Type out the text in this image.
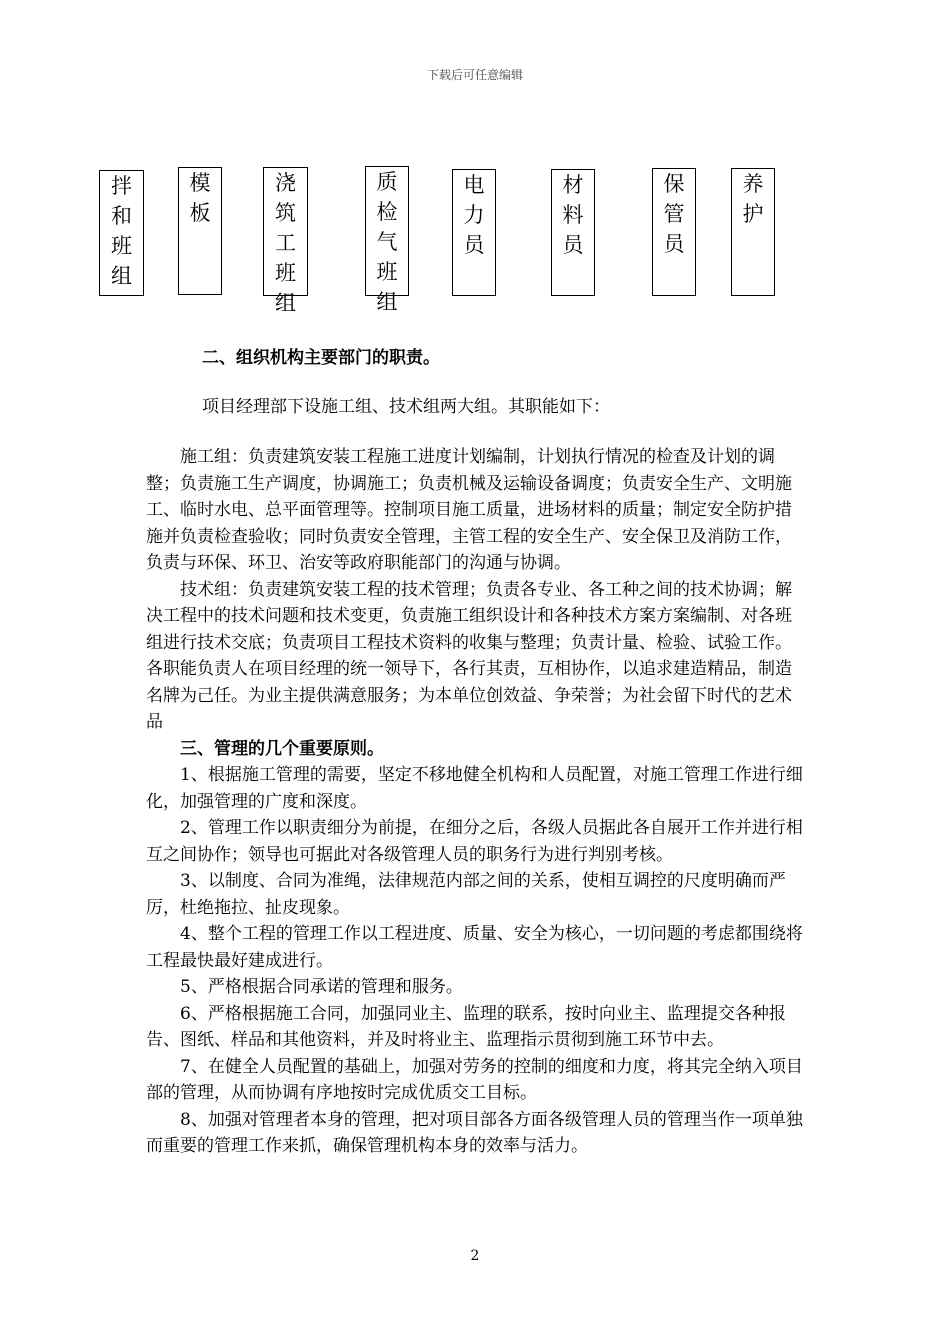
下载后可任意编辑
拌
和
班
组
模
板
浇
筑
工
班
组
质
检
气
班
组
电
力
员
材
料
员
保
管
员
养
护

二、组织机构主要部门的职责。

项目经理部下设施工组、技术组两大组。其职能如下：

施工组：负责建筑安装工程施工进度计划编制，计划执行情况的检查及计划的调整；负责施工生产调度，协调施工；负责机械及运输设备调度；负责安全生产、文明施工、临时水电、总平面管理等。控制项目施工质量，进场材料的质量；制定安全防护措施并负责检查验收；同时负责安全管理，主管工程的安全生产、安全保卫及消防工作，负责与环保、环卫、治安等政府职能部门的沟通与协调。

技术组：负责建筑安装工程的技术管理；负责各专业、各工种之间的技术协调；解决工程中的技术问题和技术变更，负责施工组织设计和各种技术方案方案编制、对各班组进行技术交底；负责项目工程技术资料的收集与整理；负责计量、检验、试验工作。

各职能负责人在项目经理的统一领导下，各行其责，互相协作，以追求建造精品，制造名牌为己任。为业主提供满意服务；为本单位创效益、争荣誉；为社会留下时代的艺术品

三、管理的几个重要原则。

1、根据施工管理的需要，坚定不移地健全机构和人员配置，对施工管理工作进行细化，加强管理的广度和深度。

2、管理工作以职责细分为前提，在细分之后，各级人员据此各自展开工作并进行相互之间协作；领导也可据此对各级管理人员的职务行为进行判别考核。

3、以制度、合同为准绳，法律规范内部之间的关系，使相互调控的尺度明确而严厉，杜绝拖拉、扯皮现象。

4、整个工程的管理工作以工程进度、质量、安全为核心，一切问题的考虑都围绕将工程最快最好建成进行。

5、严格根据合同承诺的管理和服务。

6、严格根据施工合同，加强同业主、监理的联系，按时向业主、监理提交各种报告、图纸、样品和其他资料，并及时将业主、监理指示贯彻到施工环节中去。

7、在健全人员配置的基础上，加强对劳务的控制的细度和力度，将其完全纳入项目部的管理，从而协调有序地按时完成优质交工目标。

8、加强对管理者本身的管理，把对项目部各方面各级管理人员的管理当作一项单独而重要的管理工作来抓，确保管理机构本身的效率与活力。

2
